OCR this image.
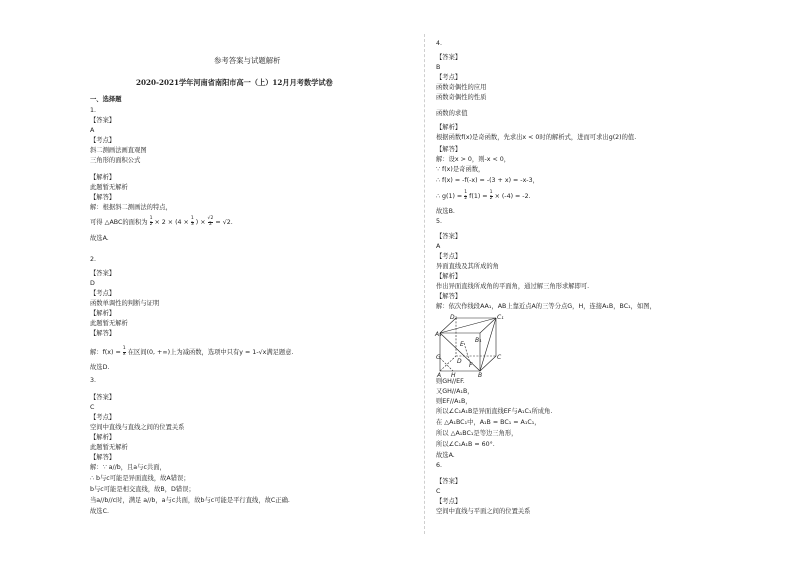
参考答案与试题解析
2020-2021学年河南省南阳市高一（上）12月月考数学试卷
一、选择题
1.
【答案】
A
【考点】
斜二测画法画直观图
三角形的面积公式
【解析】
此题暂无解析
【解答】
解：根据斜二测画法的特点，
可得 △ABC的面积为 $\frac{1}{2} \times 2 \times (4 \times \frac{1}{3}$ ) × $\frac{√2}{2} = √2$.
故选A.
2.
【答案】
D
【考点】
函数单调性的判断与证明
【解析】
此题暂无解析
【解答】
解：$f(x) = \frac{1}{x}$ 在区间(0, +∞)上为减函数，选项中只有y = 1-√x满足题意.
故选D.
3.
【答案】
C
【考点】
空间中直线与直线之间的位置关系
【解析】
此题暂无解析
【解答】
解：∵ a//b，且a与c共面，
∴ b与c可能是异面直线，故A错误；
b与c可能是相交直线，故B，D错误；
当a//b//c时，满足 a//b，a与c共面，故b与c可能是平行直线，故C正确.
故选C.
4.
【答案】
B
【考点】
函数奇偶性的应用
函数奇偶性的性质
函数的求值
【解析】
根据函数f(x)是奇函数，先求出x < 0时的解析式，进而可求出g(2)的值.
【解答】
解：设x > 0，则-x < 0，
∵ f(x)是奇函数，
∴ f(x) = -f(-x) = -(3 + x) = -x-3，
∴ $g(1) = \frac{1}{2} f(1) = \frac{1}{2} \times (-4) = -2$.
故选B.
5.
【答案】
A
【考点】
异面直线及其所成的角
【解析】
作出异面直线所成角的平面角，通过解三角形求解即可.
【解答】
解：依次作线段AA₁，AB上靠近点A的三等分点G，H，连接A₁B，BC₁，如图，
A₁
D₁	C₁
B₁
A	B
C
D
E
F
G
H
则GH//EF.
又GH//A₁B，
则EF//A₁B，
所以∠C₁A₁B是异面直线EF与A₁C₁所成角.
在 △A₁BC₁中，A₁B = BC₁ = A₁C₁，
所以 △A₁BC₁是等边三角形，
所以∠C₁A₁B = 60°.
故选A.
6.
【答案】
C
【考点】
空间中直线与平面之间的位置关系
